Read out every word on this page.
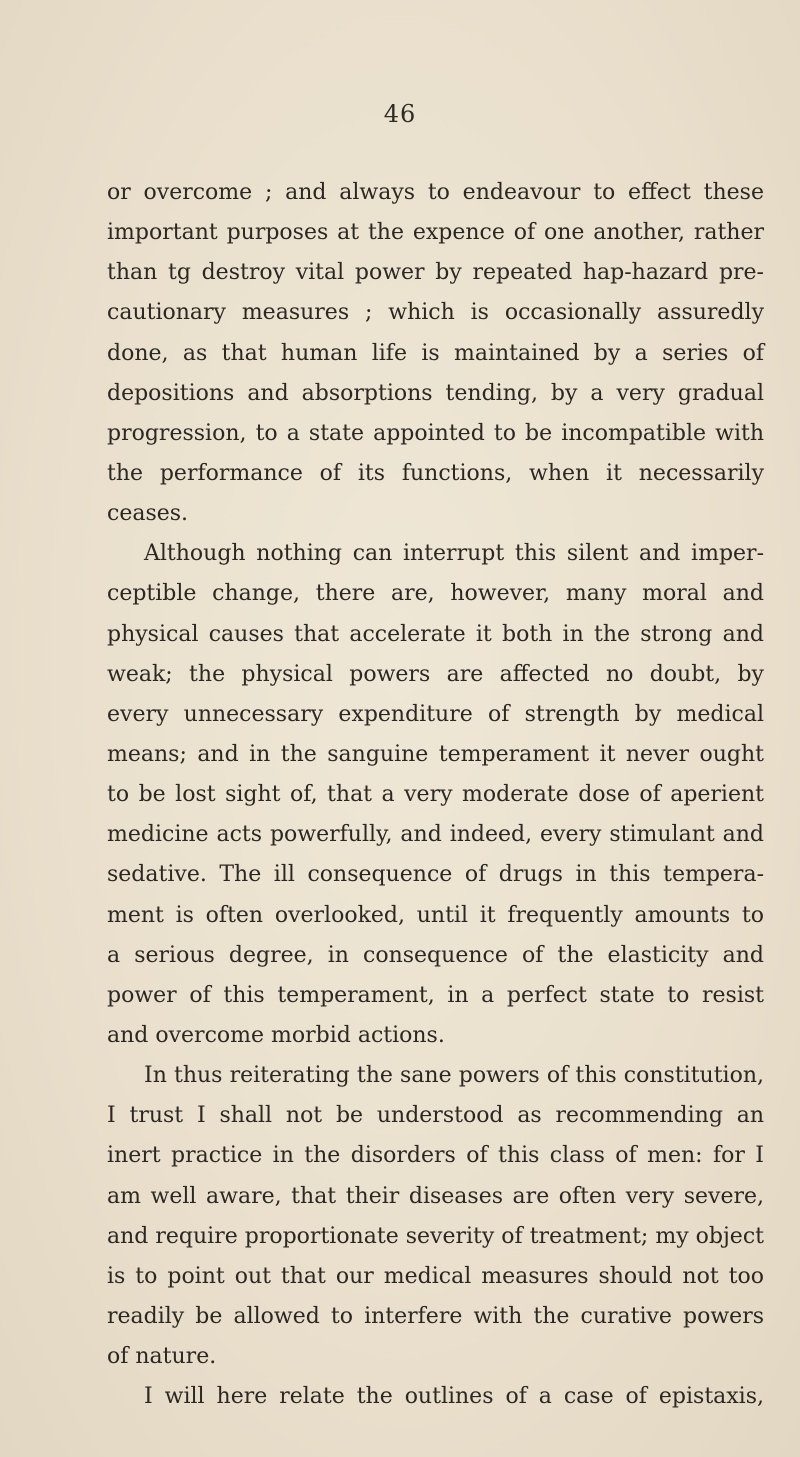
46
or overcome ; and always to endeavour to effect these
important purposes at the expence of one another, rather
than tg destroy vital power by repeated hap-hazard pre-
cautionary measures ; which is occasionally assuredly
done, as that human life is maintained by a series of
depositions and absorptions tending, by a very gradual
progression, to a state appointed to be incompatible with
the performance of its functions, when it necessarily
ceases.
Although nothing can interrupt this silent and imper-
ceptible change, there are, however, many moral and
physical causes that accelerate it both in the strong and
weak; the physical powers are affected no doubt, by
every unnecessary expenditure of strength by medical
means; and in the sanguine temperament it never ought
to be lost sight of, that a very moderate dose of aperient
medicine acts powerfully, and indeed, every stimulant and
sedative. The ill consequence of drugs in this tempera-
ment is often overlooked, until it frequently amounts to
a serious degree, in consequence of the elasticity and
power of this temperament, in a perfect state to resist
and overcome morbid actions.
In thus reiterating the sane powers of this constitution,
I trust I shall not be understood as recommending an
inert practice in the disorders of this class of men: for I
am well aware, that their diseases are often very severe,
and require proportionate severity of treatment; my object
is to point out that our medical measures should not too
readily be allowed to interfere with the curative powers
of nature.
I will here relate the outlines of a case of epistaxis,
